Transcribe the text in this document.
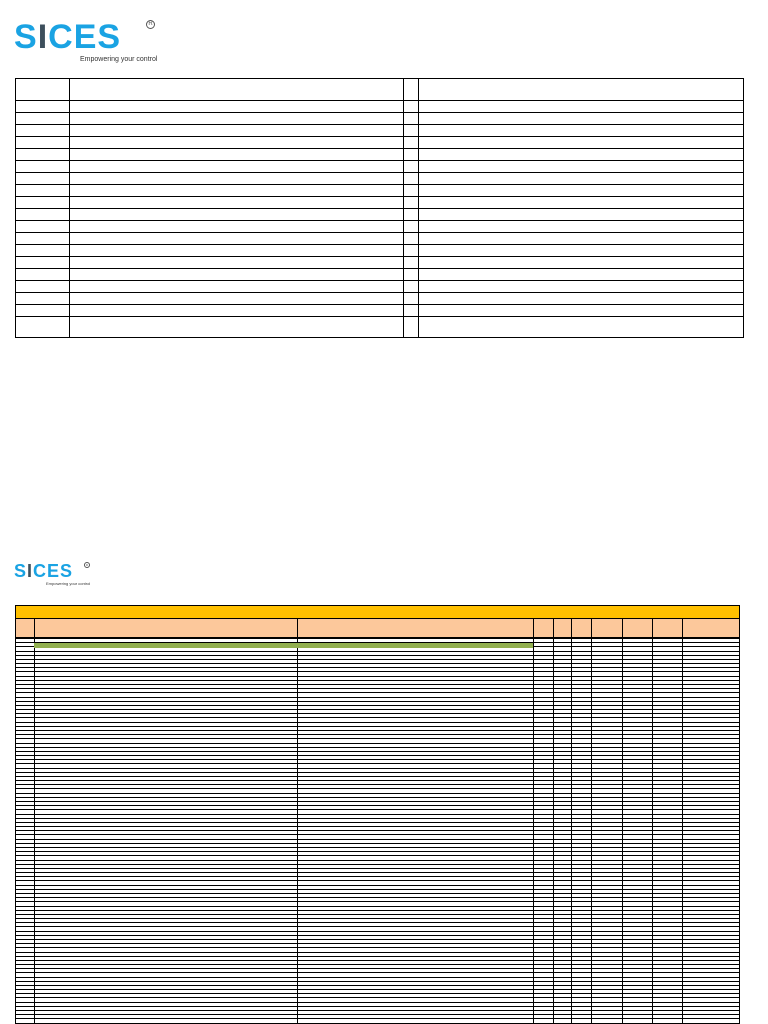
SICES
Empowering your control
R
SICES
Empowering your control
R
